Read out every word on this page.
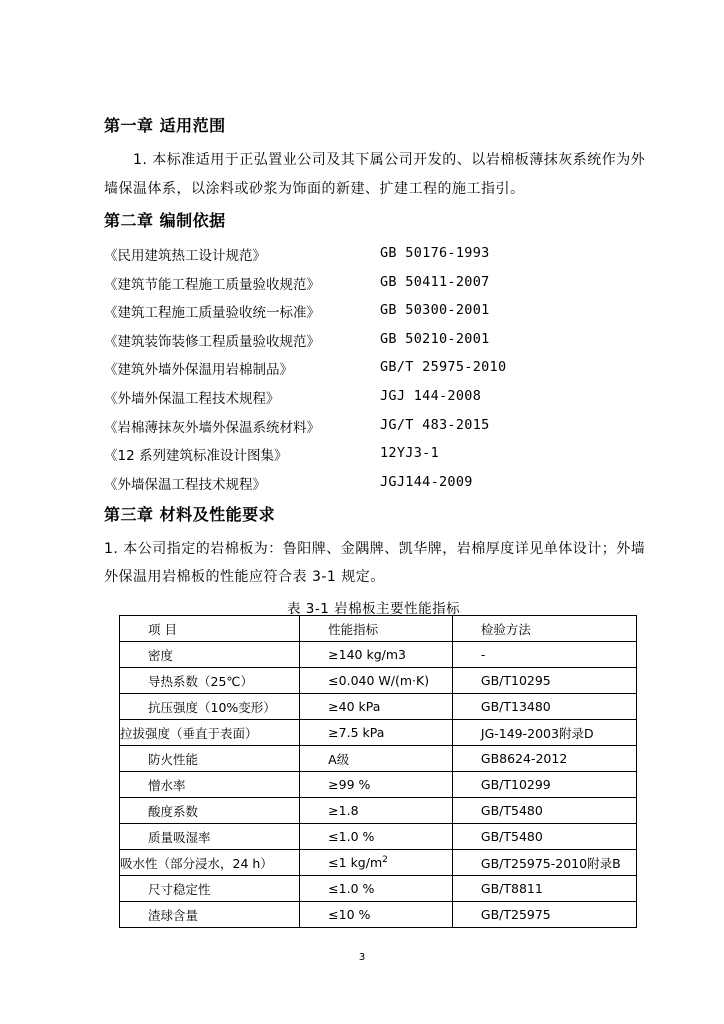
第一章 适用范围
1. 本标准适用于正弘置业公司及其下属公司开发的、以岩棉板薄抹灰系统作为外
墙保温体系，以涂料或砂浆为饰面的新建、扩建工程的施工指引。
第二章 编制依据
《民用建筑热工设计规范》	GB 50176-1993
《建筑节能工程施工质量验收规范》	GB 50411-2007
《建筑工程施工质量验收统一标准》	GB 50300-2001
《建筑装饰装修工程质量验收规范》	GB 50210-2001
《建筑外墙外保温用岩棉制品》	GB/T 25975-2010
《外墙外保温工程技术规程》	JGJ 144-2008
《岩棉薄抹灰外墙外保温系统材料》	JG/T 483-2015
《12 系列建筑标准设计图集》	12YJ3-1
《外墙保温工程技术规程》	JGJ144-2009
第三章 材料及性能要求
1. 本公司指定的岩棉板为：鲁阳牌、金隅牌、凯华牌，岩棉厚度详见单体设计；外墙
外保温用岩棉板的性能应符合表 3-1 规定。
表 3-1 岩棉板主要性能指标
项 目	性能指标	检验方法
密度	≥140 kg/m3	-
导热系数（25℃）	≤0.040 W/(m·K)	GB/T10295
抗压强度（10%变形）	≥40 kPa	GB/T13480
拉拔强度（垂直于表面）	≥7.5 kPa	JG-149-2003附录D
防火性能	A级	GB8624-2012
憎水率	≥99 %	GB/T10299
酸度系数	≥1.8	GB/T5480
质量吸湿率	≤1.0 %	GB/T5480
吸水性（部分浸水，24 h）	≤1 $kg/m^2$	GB/T25975-2010附录B
尺寸稳定性	≤1.0 %	GB/T8811
渣球含量	≤10 %	GB/T25975
3
